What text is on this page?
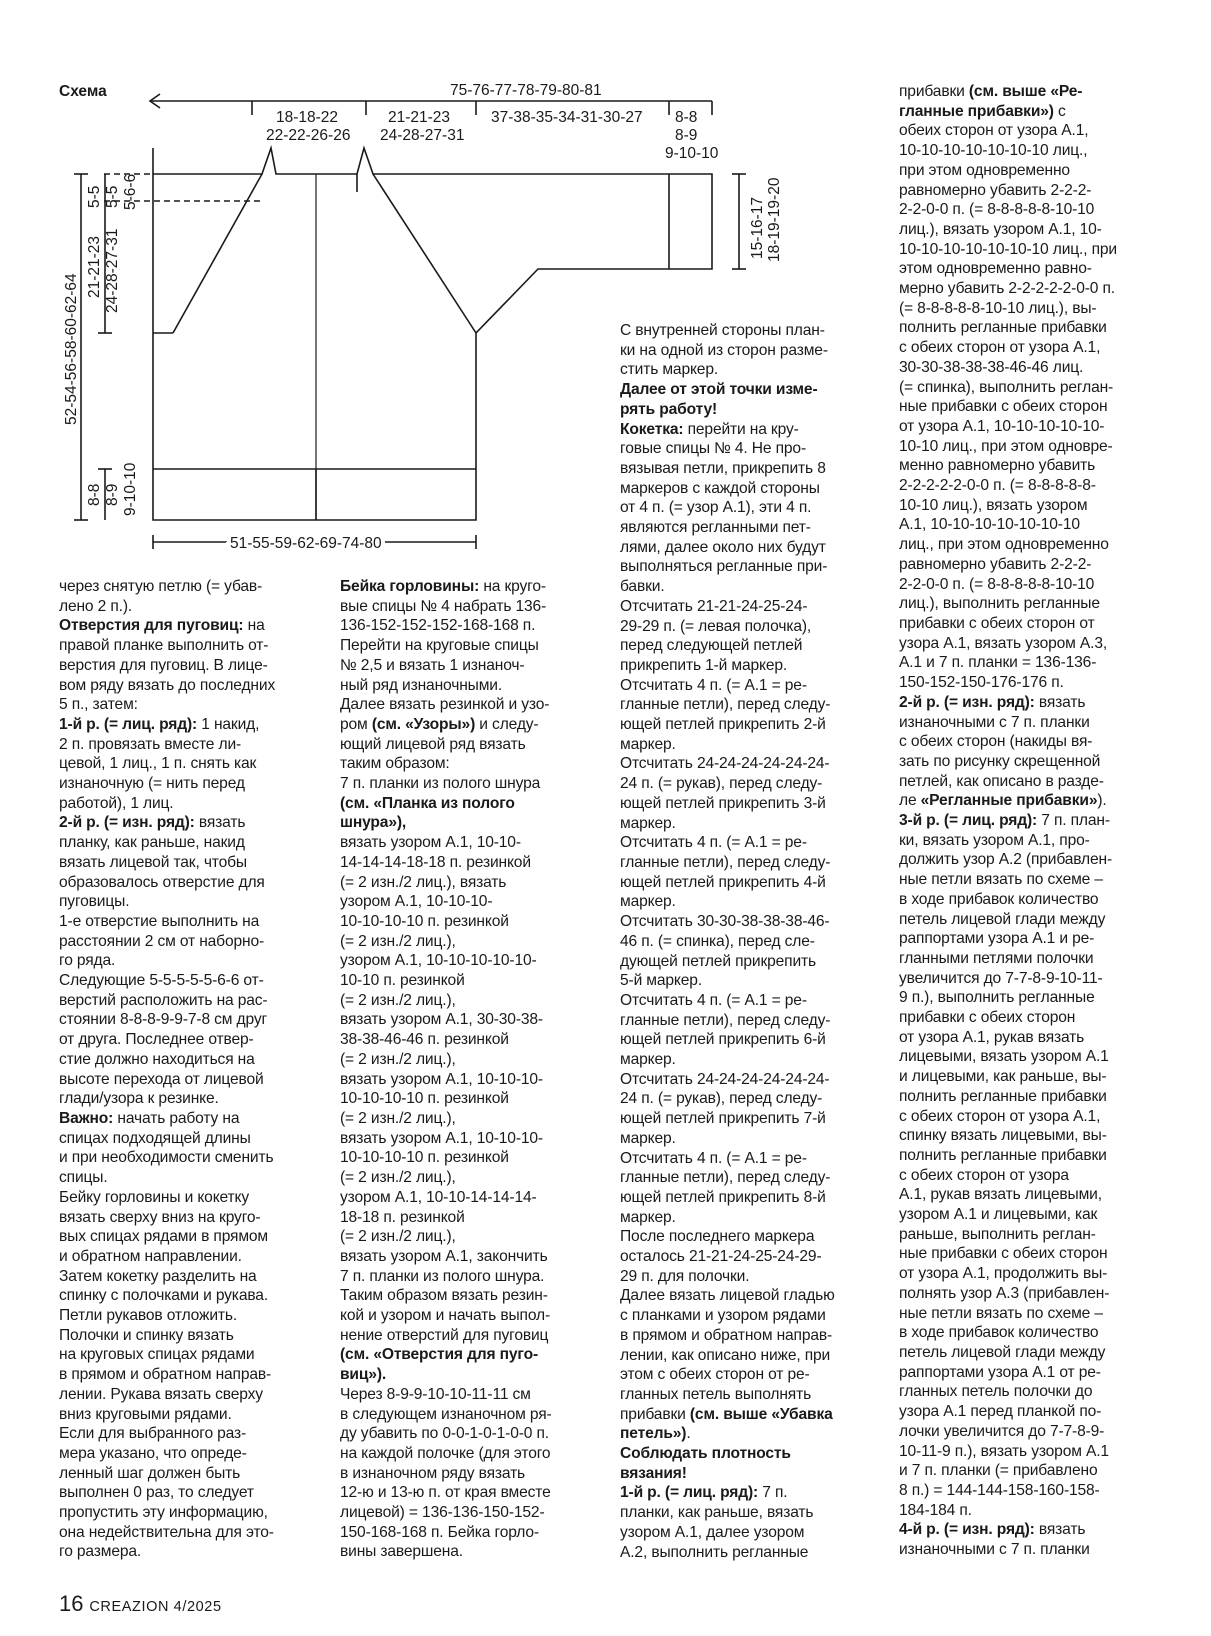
Схема	75-76-77-78-79-80-81
18-18-22
22-22-26-26
21-21-23
24-28-27-31
37-38-35-34-31-30-27 8-8
8-9
9-10-10
15-16-17 18-19-19-20
5-5 5-5 5-6-6
21-21-23 24-28-27-31
52-54-56-58-60-62-64
8-8 8-9 9-10-10
51-55-59-62-69-74-80
через снятую петлю (= убав-
лено 2 п.).
Отверстия для пуговиц: на
правой планке выполнить от-
верстия для пуговиц. В лице-
вом ряду вязать до последних
5 п., затем:
1-й р. (= лиц. ряд): 1 накид,
2 п. провязать вместе ли-
цевой, 1 лиц., 1 п. снять как
изнаночную (= нить перед
работой), 1 лиц.
2-й р. (= изн. ряд): вязать
планку, как раньше, накид
вязать лицевой так, чтобы
образовалось отверстие для
пуговицы.
1-е отверстие выполнить на
расстоянии 2 см от наборно-
го ряда.
Следующие 5-5-5-5-5-6-6 от-
верстий расположить на рас-
стоянии 8-8-8-9-9-7-8 см друг
от друга. Последнее отвер-
стие должно находиться на
высоте перехода от лицевой
глади/узора к резинке.
Важно: начать работу на
спицах подходящей длины
и при необходимости сменить
спицы.
Бейку горловины и кокетку
вязать сверху вниз на круго-
вых спицах рядами в прямом
и обратном направлении.
Затем кокетку разделить на
спинку с полочками и рукава.
Петли рукавов отложить.
Полочки и спинку вязать
на круговых спицах рядами
в прямом и обратном направ-
лении. Рукава вязать сверху
вниз круговыми рядами.
Если для выбранного раз-
мера указано, что опреде-
ленный шаг должен быть
выполнен 0 раз, то следует
пропустить эту информацию,
она недействительна для это-
го размера.
Бейка горловины: на круго-
вые спицы № 4 набрать 136-
136-152-152-152-168-168 п.
Перейти на круговые спицы
№ 2,5 и вязать 1 изнаноч-
ный ряд изнаночными.
Далее вязать резинкой и узо-
ром (см. «Узоры») и следу-
ющий лицевой ряд вязать
таким образом:
7 п. планки из полого шнура
(см. «Планка из полого
шнура»),
вязать узором А.1, 10-10-
14-14-14-18-18 п. резинкой
(= 2 изн./2 лиц.), вязать
узором А.1, 10-10-10-
10-10-10-10 п. резинкой
(= 2 изн./2 лиц.),
узором А.1, 10-10-10-10-10-
10-10 п. резинкой
(= 2 изн./2 лиц.),
вязать узором А.1, 30-30-38-
38-38-46-46 п. резинкой
(= 2 изн./2 лиц.),
вязать узором А.1, 10-10-10-
10-10-10-10 п. резинкой
(= 2 изн./2 лиц.),
вязать узором А.1, 10-10-10-
10-10-10-10 п. резинкой
(= 2 изн./2 лиц.),
узором А.1, 10-10-14-14-14-
18-18 п. резинкой
(= 2 изн./2 лиц.),
вязать узором А.1, закончить
7 п. планки из полого шнура.
Таким образом вязать резин-
кой и узором и начать выпол-
нение отверстий для пуговиц
(см. «Отверстия для пуго-
виц»).
Через 8-9-9-10-10-11-11 см
в следующем изнаночном ря-
ду убавить по 0-0-1-0-1-0-0 п.
на каждой полочке (для этого
в изнаночном ряду вязать
12-ю и 13-ю п. от края вместе
лицевой) = 136-136-150-152-
150-168-168 п. Бейка горло-
вины завершена.
С внутренней стороны план-
ки на одной из сторон разме-
стить маркер.
Далее от этой точки изме-
рять работу!
Кокетка: перейти на кру-
говые спицы № 4. Не про-
вязывая петли, прикрепить 8
маркеров с каждой стороны
от 4 п. (= узор А.1), эти 4 п.
являются регланными пет-
лями, далее около них будут
выполняться регланные при-
бавки.
Отсчитать 21-21-24-25-24-
29-29 п. (= левая полочка),
перед следующей петлей
прикрепить 1-й маркер.
Отсчитать 4 п. (= А.1 = ре-
гланные петли), перед следу-
ющей петлей прикрепить 2-й
маркер.
Отсчитать 24-24-24-24-24-24-
24 п. (= рукав), перед следу-
ющей петлей прикрепить 3-й
маркер.
Отсчитать 4 п. (= А.1 = ре-
гланные петли), перед следу-
ющей петлей прикрепить 4-й
маркер.
Отсчитать 30-30-38-38-38-46-
46 п. (= спинка), перед сле-
дующей петлей прикрепить
5-й маркер.
Отсчитать 4 п. (= А.1 = ре-
гланные петли), перед следу-
ющей петлей прикрепить 6-й
маркер.
Отсчитать 24-24-24-24-24-24-
24 п. (= рукав), перед следу-
ющей петлей прикрепить 7-й
маркер.
Отсчитать 4 п. (= А.1 = ре-
гланные петли), перед следу-
ющей петлей прикрепить 8-й
маркер.
После последнего маркера
осталось 21-21-24-25-24-29-
29 п. для полочки.
Далее вязать лицевой гладью
с планками и узором рядами
в прямом и обратном направ-
лении, как описано ниже, при
этом с обеих сторон от ре-
гланных петель выполнять
прибавки (см. выше «Убавка
петель»).
Соблюдать плотность
вязания!
1-й р. (= лиц. ряд): 7 п.
планки, как раньше, вязать
узором А.1, далее узором
А.2, выполнить регланные
прибавки (см. выше «Ре-
гланные прибавки») с
обеих сторон от узора А.1,
10-10-10-10-10-10-10 лиц.,
при этом одновременно
равномерно убавить 2-2-2-
2-2-0-0 п. (= 8-8-8-8-8-10-10
лиц.), вязать узором А.1, 10-
10-10-10-10-10-10-10 лиц., при
этом одновременно равно-
мерно убавить 2-2-2-2-2-0-0 п.
(= 8-8-8-8-8-10-10 лиц.), вы-
полнить регланные прибавки
с обеих сторон от узора А.1,
30-30-38-38-38-46-46 лиц.
(= спинка), выполнить реглан-
ные прибавки с обеих сторон
от узора А.1, 10-10-10-10-10-
10-10 лиц., при этом одновре-
менно равномерно убавить
2-2-2-2-2-0-0 п. (= 8-8-8-8-8-
10-10 лиц.), вязать узором
А.1, 10-10-10-10-10-10-10
лиц., при этом одновременно
равномерно убавить 2-2-2-
2-2-0-0 п. (= 8-8-8-8-8-10-10
лиц.), выполнить регланные
прибавки с обеих сторон от
узора А.1, вязать узором А.3,
А.1 и 7 п. планки = 136-136-
150-152-150-176-176 п.
2-й р. (= изн. ряд): вязать
изнаночными с 7 п. планки
с обеих сторон (накиды вя-
зать по рисунку скрещенной
петлей, как описано в разде-
ле «Регланные прибавки»).
3-й р. (= лиц. ряд): 7 п. план-
ки, вязать узором А.1, про-
должить узор А.2 (прибавлен-
ные петли вязать по схеме –
в ходе прибавок количество
петель лицевой глади между
раппортами узора А.1 и ре-
гланными петлями полочки
увеличится до 7-7-8-9-10-11-
9 п.), выполнить регланные
прибавки с обеих сторон
от узора А.1, рукав вязать
лицевыми, вязать узором А.1
и лицевыми, как раньше, вы-
полнить регланные прибавки
с обеих сторон от узора А.1,
спинку вязать лицевыми, вы-
полнить регланные прибавки
с обеих сторон от узора
А.1, рукав вязать лицевыми,
узором А.1 и лицевыми, как
раньше, выполнить реглан-
ные прибавки с обеих сторон
от узора А.1, продолжить вы-
полнять узор А.3 (прибавлен-
ные петли вязать по схеме –
в ходе прибавок количество
петель лицевой глади между
раппортами узора А.1 от ре-
гланных петель полочки до
узора А.1 перед планкой по-
лочки увеличится до 7-7-8-9-
10-11-9 п.), вязать узором А.1
и 7 п. планки (= прибавлено
8 п.) = 144-144-158-160-158-
184-184 п.
4-й р. (= изн. ряд): вязать
изнаночными с 7 п. планки
16 CREAZION 4/2025
